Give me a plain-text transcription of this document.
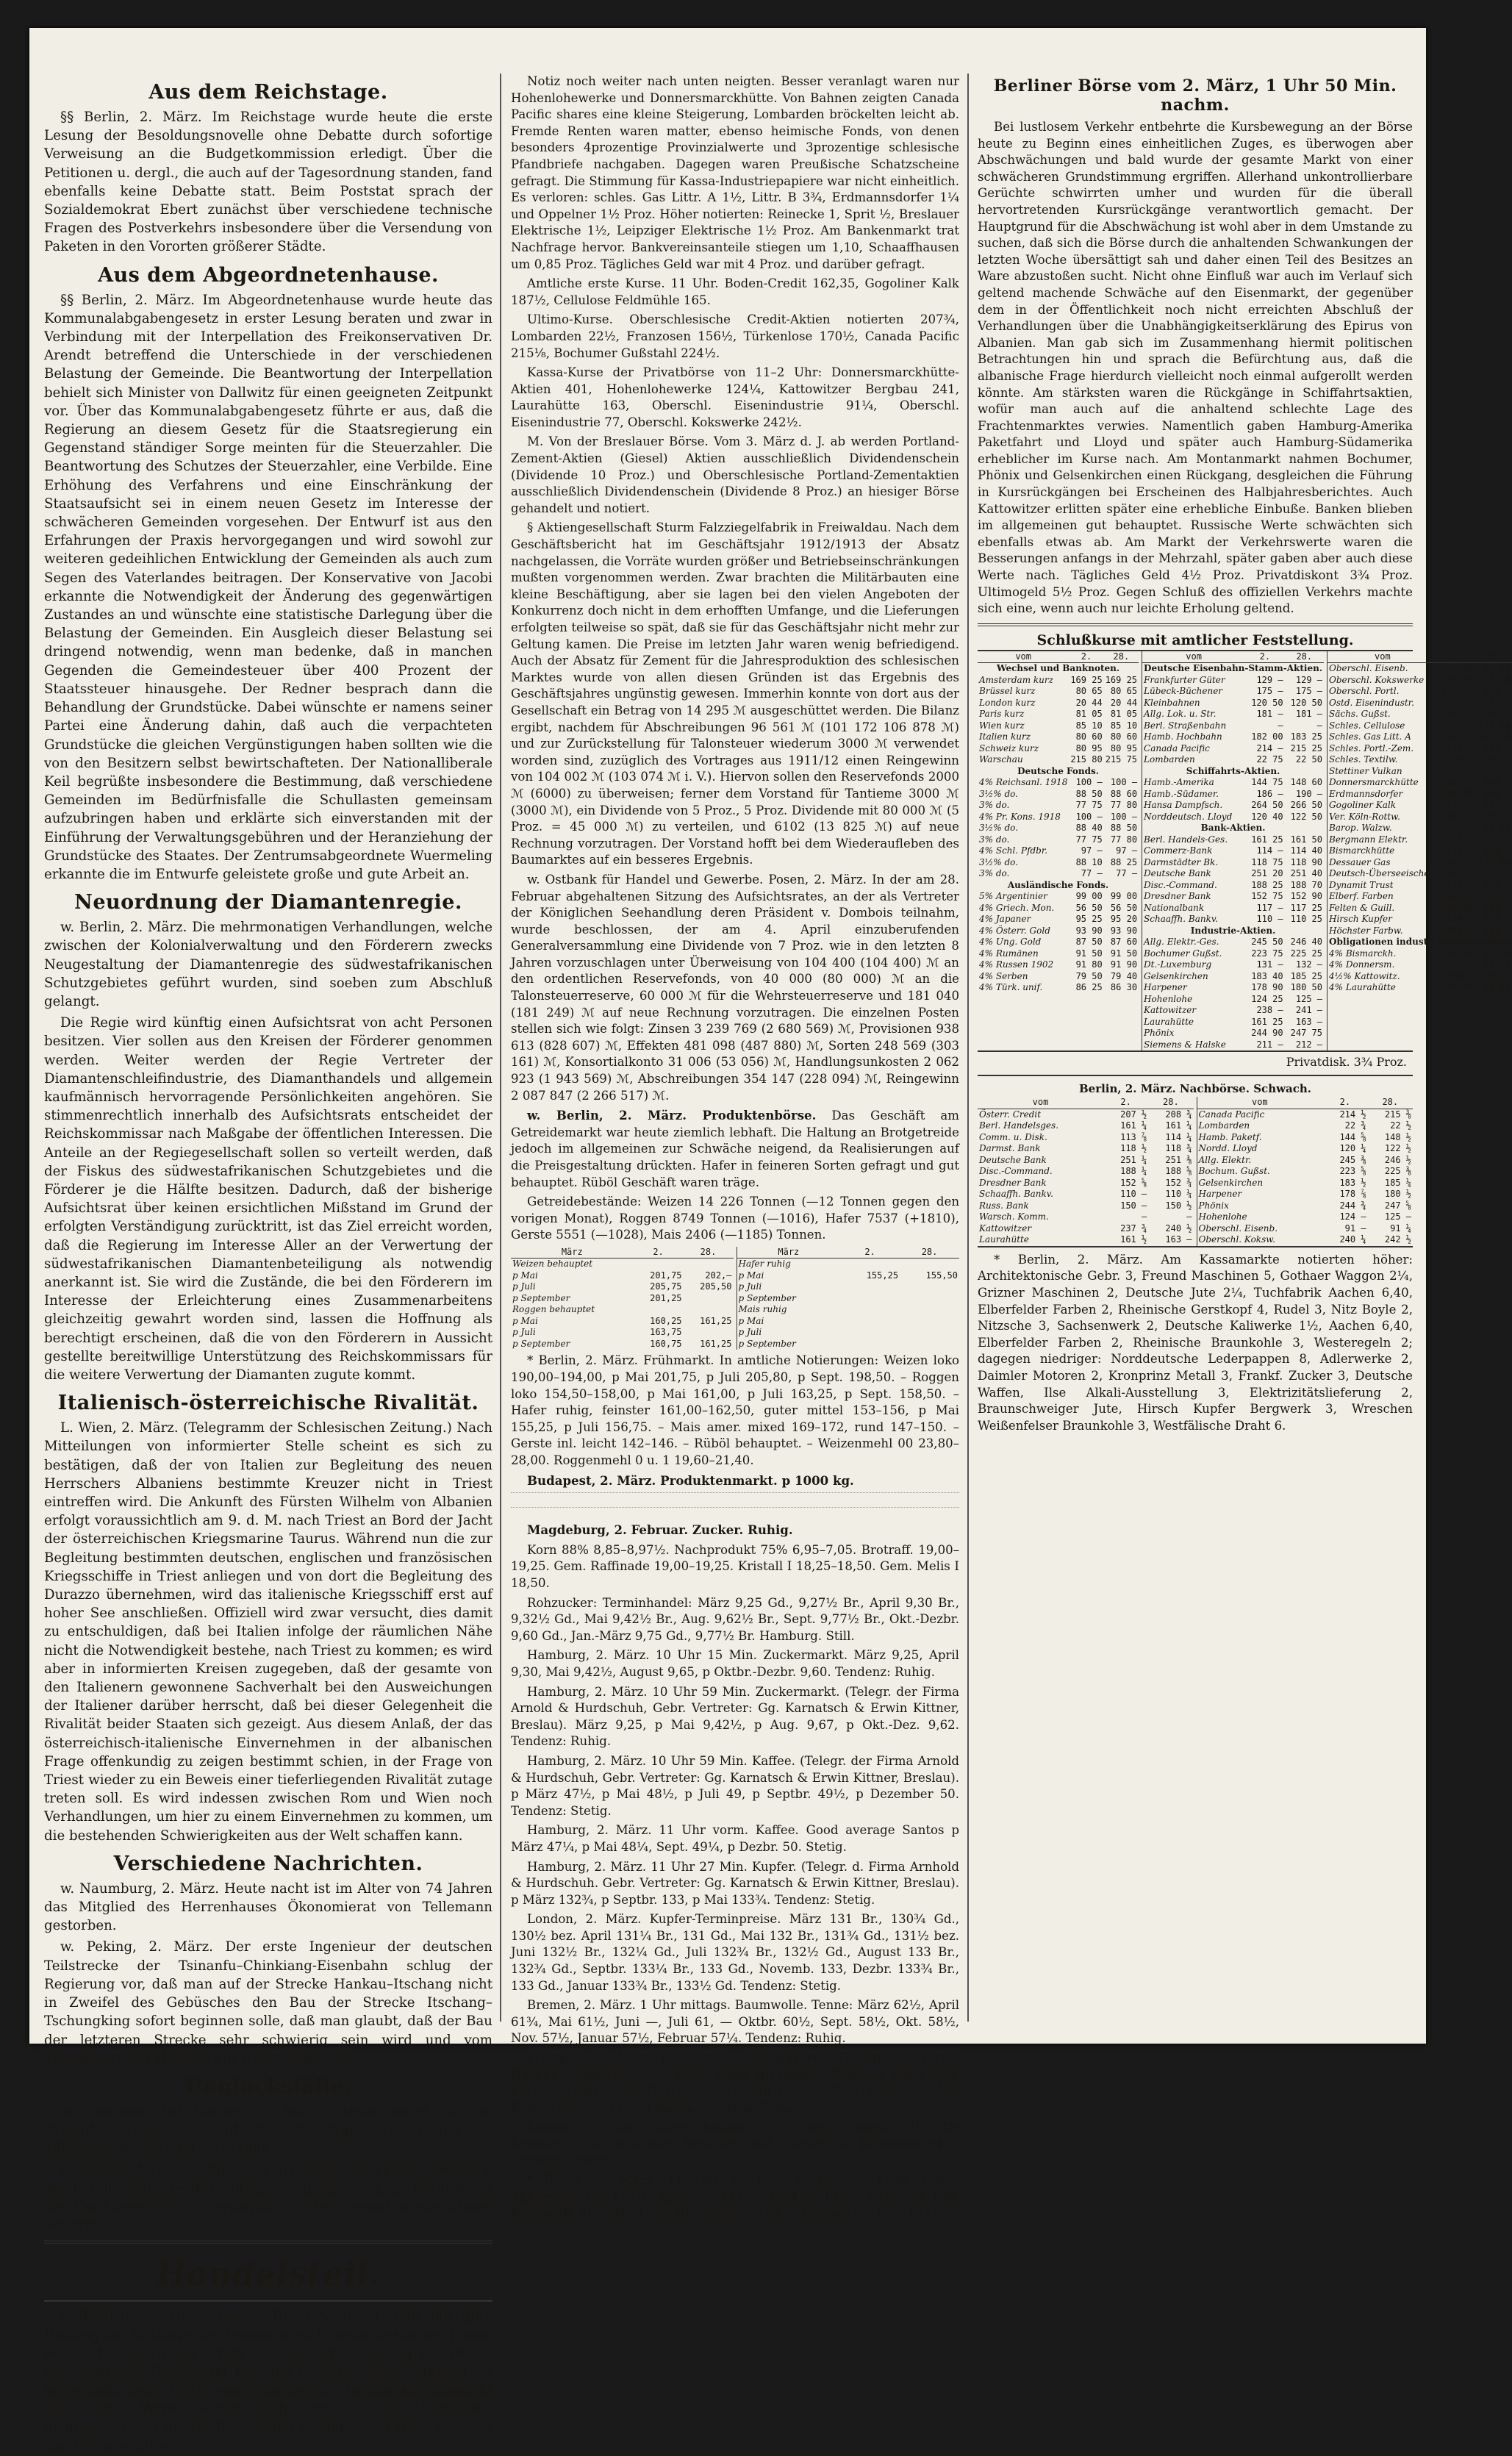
Aus dem Reichstage.

§§ Berlin, 2. März. Im Reichstage wurde heute die erste Lesung der Besoldungsnovelle ohne Debatte durch sofortige Verweisung an die Budgetkommission erledigt. Über die Petitionen u. dergl., die auch auf der Tagesordnung standen, fand ebenfalls keine Debatte statt. Beim Poststat sprach der Sozialdemokrat Ebert zunächst über verschiedene technische Fragen des Postverkehrs insbesondere über die Versendung von Paketen in den Vororten größerer Städte.

Aus dem Abgeordnetenhause.

§§ Berlin, 2. März. Im Abgeordnetenhause wurde heute das Kommunalabgabengesetz in erster Lesung beraten und zwar in Verbindung mit der Interpellation des Freikonservativen Dr. Arendt betreffend die Unterschiede in der verschiedenen Belastung der Gemeinde. Die Beantwortung der Interpellation behielt sich Minister von Dallwitz für einen geeigneten Zeitpunkt vor. Über das Kommunalabgabengesetz führte er aus, daß die Regierung an diesem Gesetz für die Staatsregierung ein Gegenstand ständiger Sorge meinten für die Steuerzahler. Die Beantwortung des Schutzes der Steuerzahler, eine Verbilde. Eine Erhöhung des Verfahrens und eine Einschränkung der Staatsaufsicht sei in einem neuen Gesetz im Interesse der schwächeren Gemeinden vorgesehen. Der Entwurf ist aus den Erfahrungen der Praxis hervorgegangen und wird sowohl zur weiteren gedeihlichen Entwicklung der Gemeinden als auch zum Segen des Vaterlandes beitragen. Der Konservative von Jacobi erkannte die Notwendigkeit der Änderung des gegenwärtigen Zustandes an und wünschte eine statistische Darlegung über die Belastung der Gemeinden. Ein Ausgleich dieser Belastung sei dringend notwendig, wenn man bedenke, daß in manchen Gegenden die Gemeindesteuer über 400 Prozent der Staatssteuer hinausgehe. Der Redner besprach dann die Behandlung der Grundstücke. Dabei wünschte er namens seiner Partei eine Änderung dahin, daß auch die verpachteten Grundstücke die gleichen Vergünstigungen haben sollten wie die von den Besitzern selbst bewirtschafteten. Der Nationalliberale Keil begrüßte insbesondere die Bestimmung, daß verschiedene Gemeinden im Bedürfnisfalle die Schullasten gemeinsam aufzubringen haben und erklärte sich einverstanden mit der Einführung der Verwaltungsgebühren und der Heranziehung der Grundstücke des Staates. Der Zentrumsabgeordnete Wuermeling erkannte die im Entwurfe geleistete große und gute Arbeit an.

Neuordnung der Diamantenregie.

w. Berlin, 2. März. Die mehrmonatigen Verhandlungen, welche zwischen der Kolonialverwaltung und den Förderern zwecks Neugestaltung der Diamantenregie des südwestafrikanischen Schutzgebietes geführt wurden, sind soeben zum Abschluß gelangt.

Die Regie wird künftig einen Aufsichtsrat von acht Personen besitzen. Vier sollen aus den Kreisen der Förderer genommen werden. Weiter werden der Regie Vertreter der Diamantenschleifindustrie, des Diamanthandels und allgemein kaufmännisch hervorragende Persönlichkeiten angehören. Sie stimmenrechtlich innerhalb des Aufsichtsrats entscheidet der Reichskommissar nach Maßgabe der öffentlichen Interessen. Die Anteile an der Regiegesellschaft sollen so verteilt werden, daß der Fiskus des südwestafrikanischen Schutzgebietes und die Förderer je die Hälfte besitzen. Dadurch, daß der bisherige Aufsichtsrat über keinen ersichtlichen Mißstand im Grund der erfolgten Verständigung zurücktritt, ist das Ziel erreicht worden, daß die Regierung im Interesse Aller an der Verwertung der südwestafrikanischen Diamantenbeteiligung als notwendig anerkannt ist. Sie wird die Zustände, die bei den Förderern im Interesse der Erleichterung eines Zusammenarbeitens gleichzeitig gewahrt worden sind, lassen die Hoffnung als berechtigt erscheinen, daß die von den Förderern in Aussicht gestellte bereitwillige Unterstützung des Reichskommissars für die weitere Verwertung der Diamanten zugute kommt.

Italienisch-österreichische Rivalität.

L. Wien, 2. März. (Telegramm der Schlesischen Zeitung.) Nach Mitteilungen von informierter Stelle scheint es sich zu bestätigen, daß der von Italien zur Begleitung des neuen Herrschers Albaniens bestimmte Kreuzer nicht in Triest eintreffen wird. Die Ankunft des Fürsten Wilhelm von Albanien erfolgt voraussichtlich am 9. d. M. nach Triest an Bord der Jacht der österreichischen Kriegsmarine Taurus. Während nun die zur Begleitung bestimmten deutschen, englischen und französischen Kriegsschiffe in Triest anliegen und von dort die Begleitung des Durazzo übernehmen, wird das italienische Kriegsschiff erst auf hoher See anschließen. Offiziell wird zwar versucht, dies damit zu entschuldigen, daß bei Italien infolge der räumlichen Nähe nicht die Notwendigkeit bestehe, nach Triest zu kommen; es wird aber in informierten Kreisen zugegeben, daß der gesamte von den Italienern gewonnene Sachverhalt bei den Ausweichungen der Italiener darüber herrscht, daß bei dieser Gelegenheit die Rivalität beider Staaten sich gezeigt. Aus diesem Anlaß, der das österreichisch-italienische Einvernehmen in der albanischen Frage offenkundig zu zeigen bestimmt schien, in der Frage von Triest wieder zu ein Beweis einer tieferliegenden Rivalität zutage treten soll. Es wird indessen zwischen Rom und Wien noch Verhandlungen, um hier zu einem Einvernehmen zu kommen, um die bestehenden Schwierigkeiten aus der Welt schaffen kann.

Verschiedene Nachrichten.

w. Naumburg, 2. März. Heute nacht ist im Alter von 74 Jahren das Mitglied des Herrenhauses Ökonomierat von Tellemann gestorben.

w. Peking, 2. März. Der erste Ingenieur der deutschen Teilstrecke der Tsinanfu–Chinkiang-Eisenbahn schlug der Regierung vor, daß man auf der Strecke Hankau–Itschang nicht in Zweifel des Gebüsches den Bau der Strecke Itschang–Tschungking sofort beginnen solle, daß man glaubt, daß der Bau der letzteren Strecke sehr schwierig sein wird und vom Standpunkt des Handels aus unerwünscht ist.

Unglücksfälle.

w. Heubude bei Danzig, 2. März. Heute nacht ist das Armenhaus niedergebrannt. Drei 80jährige Frauen und ein 10jähriger Knabe sind verbrannt.

w. Buenos Aires, 2. März. Der argentinische Flieger Newbery, der bereits mehrere Rekordflüge ausgeführt hat, ist bei Rosa in den Cordilleren tödlich verunglückt. Sein Fluggast wurde schwer verletzt.

Handelsteil.

* Breslau, 2. März. Börse. Die Erwartung, daß die gute Haltung am Schlusse der Vorwoche sich heute fortsetzen finden werde, hat sich nicht erfüllt. Die Abwärtsbewegung der Preise am belgischen Eisenmarkt hat eine Unterbrechung erfahren, es boten dafür heute Werte eine Erholung an. Die zum Montanmarkt gehörenden Werte waren auch unter diesen Umständen niedriger. Dieser größte Rückschlag erfolgte bei Kattowitzer, die um 3 Proz. erlitten.

Notiz noch weiter nach unten neigten. Besser veranlagt waren nur Hohenlohewerke und Donnersmarckhütte. Von Bahnen zeigten Canada Pacific shares eine kleine Steigerung, Lombarden bröckelten leicht ab. Fremde Renten waren matter, ebenso heimische Fonds, von denen besonders 4prozentige Provinzialwerte und 3prozentige schlesische Pfandbriefe nachgaben. Dagegen waren Preußische Schatzscheine gefragt. Die Stimmung für Kassa-Industriepapiere war nicht einheitlich. Es verloren: schles. Gas Littr. A 1½, Littr. B 3¾, Erdmannsdorfer 1¼ und Oppelner 1½ Proz. Höher notierten: Reinecke 1, Sprit ½, Breslauer Elektrische 1½, Leipziger Elektrische 1½ Proz. Am Bankenmarkt trat Nachfrage hervor. Bankvereinsanteile stiegen um 1,10, Schaaffhausen um 0,85 Proz. Tägliches Geld war mit 4 Proz. und darüber gefragt.

Amtliche erste Kurse. 11 Uhr. Boden-Credit 162,35, Gogoliner Kalk 187½, Cellulose Feldmühle 165.

Ultimo-Kurse. Oberschlesische Credit-Aktien notierten 207¾, Lombarden 22½, Franzosen 156½, Türkenlose 170½, Canada Pacific 215⅛, Bochumer Gußstahl 224½.

Kassa-Kurse der Privatbörse von 11–2 Uhr: Donnersmarckhütte-Aktien 401, Hohenlohewerke 124¼, Kattowitzer Bergbau 241, Laurahütte 163, Oberschl. Eisenindustrie 91¼, Oberschl. Eisenindustrie 77, Oberschl. Kokswerke 242½.

M. Von der Breslauer Börse. Vom 3. März d. J. ab werden Portland-Zement-Aktien (Giesel) Aktien ausschließlich Dividendenschein (Dividende 10 Proz.) und Oberschlesische Portland-Zementaktien ausschließlich Dividendenschein (Dividende 8 Proz.) an hiesiger Börse gehandelt und notiert.

§ Aktiengesellschaft Sturm Falzziegelfabrik in Freiwaldau. Nach dem Geschäftsbericht hat im Geschäftsjahr 1912/1913 der Absatz nachgelassen, die Vorräte wurden größer und Betriebseinschränkungen mußten vorgenommen werden. Zwar brachten die Militärbauten eine kleine Beschäftigung, aber sie lagen bei den vielen Angeboten der Konkurrenz doch nicht in dem erhofften Umfange, und die Lieferungen erfolgten teilweise so spät, daß sie für das Geschäftsjahr nicht mehr zur Geltung kamen. Die Preise im letzten Jahr waren wenig befriedigend. Auch der Absatz für Zement für die Jahresproduktion des schlesischen Marktes wurde von allen diesen Gründen ist das Ergebnis des Geschäftsjahres ungünstig gewesen. Immerhin konnte von dort aus der Gesellschaft ein Betrag von 14 295 ℳ ausgeschüttet werden. Die Bilanz ergibt, nachdem für Abschreibungen 96 561 ℳ (101 172 106 878 ℳ) und zur Zurückstellung für Talonsteuer wiederum 3000 ℳ verwendet worden sind, zuzüglich des Vortrages aus 1911/12 einen Reingewinn von 104 002 ℳ (103 074 ℳ i. V.). Hiervon sollen den Reservefonds 2000 ℳ (6000) zu überweisen; ferner dem Vorstand für Tantieme 3000 ℳ (3000 ℳ), ein Dividende von 5 Proz., 5 Proz. Dividende mit 80 000 ℳ (5 Proz. = 45 000 ℳ) zu verteilen, und 6102 (13 825 ℳ) auf neue Rechnung vorzutragen. Der Vorstand hofft bei dem Wiederaufleben des Baumarktes auf ein besseres Ergebnis.

w. Ostbank für Handel und Gewerbe. Posen, 2. März. In der am 28. Februar abgehaltenen Sitzung des Aufsichtsrates, an der als Vertreter der Königlichen Seehandlung deren Präsident v. Dombois teilnahm, wurde beschlossen, der am 4. April einzuberufenden Generalversammlung eine Dividende von 7 Proz. wie in den letzten 8 Jahren vorzuschlagen unter Überweisung von 104 400 (104 400) ℳ an den ordentlichen Reservefonds, von 40 000 (80 000) ℳ an die Talonsteuerreserve, 60 000 ℳ für die Wehrsteuerreserve und 181 040 (181 249) ℳ auf neue Rechnung vorzutragen. Die einzelnen Posten stellen sich wie folgt: Zinsen 3 239 769 (2 680 569) ℳ, Provisionen 938 613 (828 607) ℳ, Effekten 481 098 (487 880) ℳ, Sorten 248 569 (303 161) ℳ, Konsortialkonto 31 006 (53 056) ℳ, Handlungsunkosten 2 062 923 (1 943 569) ℳ, Abschreibungen 354 147 (228 094) ℳ, Reingewinn 2 087 847 (2 266 517) ℳ.

w. Berlin, 2. März. Produktenbörse. Das Geschäft am Getreidemarkt war heute ziemlich lebhaft. Die Haltung an Brotgetreide jedoch im allgemeinen zur Schwäche neigend, da Realisierungen auf die Preisgestaltung drückten. Hafer in feineren Sorten gefragt und gut behauptet. Rüböl Geschäft waren träge.

Getreidebestände: Weizen 14 226 Tonnen (—12 Tonnen gegen den vorigen Monat), Roggen 8749 Tonnen (—1016), Hafer 7537 (+1810), Gerste 5551 (—1028), Mais 2406 (—1185) Tonnen.

März	2.	28.
Weizen behauptet		
p Mai	201,75	202,—
p Juli	205,75	205,50
p September	201,25	
Roggen behauptet		
p Mai	160,25	161,25
p Juli	163,75	
p September	160,75	161,25
März	2.	28.
Hafer ruhig		
p Mai	155,25	155,50
p Juli		
p September		
Mais ruhig		
p Mai		
p Juli		
p September		

* Berlin, 2. März. Frühmarkt. In amtliche Notierungen: Weizen loko 190,00–194,00, p Mai 201,75, p Juli 205,80, p Sept. 198,50. – Roggen loko 154,50–158,00, p Mai 161,00, p Juli 163,25, p Sept. 158,50. – Hafer ruhig, feinster 161,00–162,50, guter mittel 153–156, p Mai 155,25, p Juli 156,75. – Mais amer. mixed 169–172, rund 147–150. – Gerste inl. leicht 142–146. – Rüböl behauptet. – Weizenmehl 00 23,80–28,00. Roggenmehl 0 u. 1 19,60–21,40.

Budapest, 2. März. Produktenmarkt. p 1000 kg.

Magdeburg, 2. Februar. Zucker. Ruhig.

Korn 88% 8,85–8,97½. Nachprodukt 75% 6,95–7,05. Brotraff. 19,00–19,25. Gem. Raffinade 19,00–19,25. Kristall I 18,25–18,50. Gem. Melis I 18,50.

Rohzucker: Terminhandel: März 9,25 Gd., 9,27½ Br., April 9,30 Br., 9,32½ Gd., Mai 9,42½ Br., Aug. 9,62½ Br., Sept. 9,77½ Br., Okt.-Dezbr. 9,60 Gd., Jan.-März 9,75 Gd., 9,77½ Br. Hamburg. Still.

Hamburg, 2. März. 10 Uhr 15 Min. Zuckermarkt. März 9,25, April 9,30, Mai 9,42½, August 9,65, p Oktbr.-Dezbr. 9,60. Tendenz: Ruhig.

Hamburg, 2. März. 10 Uhr 59 Min. Zuckermarkt. (Telegr. der Firma Arnold & Hurdschuh, Gebr. Vertreter: Gg. Karnatsch & Erwin Kittner, Breslau). März 9,25, p Mai 9,42½, p Aug. 9,67, p Okt.-Dez. 9,62. Tendenz: Ruhig.

Hamburg, 2. März. 10 Uhr 59 Min. Kaffee. (Telegr. der Firma Arnold & Hurdschuh, Gebr. Vertreter: Gg. Karnatsch & Erwin Kittner, Breslau). p März 47½, p Mai 48½, p Juli 49, p Septbr. 49½, p Dezember 50. Tendenz: Stetig.

Hamburg, 2. März. 11 Uhr vorm. Kaffee. Good average Santos p März 47¼, p Mai 48¼, Sept. 49¼, p Dezbr. 50. Stetig.

Hamburg, 2. März. 11 Uhr 27 Min. Kupfer. (Telegr. d. Firma Arnhold & Hurdschuh. Gebr. Vertreter: Gg. Karnatsch & Erwin Kittner, Breslau). p März 132¾, p Septbr. 133, p Mai 133¾. Tendenz: Stetig.

London, 2. März. Kupfer-Terminpreise. März 131 Br., 130¾ Gd., 130½ bez. April 131¼ Br., 131 Gd., Mai 132 Br., 131¾ Gd., 131½ bez. Juni 132½ Br., 132¼ Gd., Juli 132¾ Br., 132½ Gd., August 133 Br., 132¾ Gd., Septbr. 133¼ Br., 133 Gd., Novemb. 133, Dezbr. 133¾ Br., 133 Gd., Januar 133¾ Br., 133½ Gd. Tendenz: Stetig.

Bremen, 2. März. 1 Uhr mittags. Baumwolle. Tenne: März 62½, April 61¾, Mai 61½, Juni —, Juli 61, — Oktbr. 60½, Sept. 58½, Okt. 58½, Nov. 57½, Januar 57½, Februar 57¼. Tendenz: Ruhig.

Liverpool, 2. März. Baumwolle. Anfangskurse. (Telegr. der Firma Hornby, Hemelryk & Co. durch Gebr. Riesenfeld, Breslau). März-April 6,64, Juli-Aug. 6,59, Okt.-Nov. 6,31, Jan.-Febr. 6,27. Umsatz: 10 000 Ballen, Import: 18 000 Ballen. Tendenz: Ruhig.

London, 2. März. Börse. Anfang. 2½% Engl. Konsols 75½, 4% Japaner 93, 4½% Russen 88⅜, 4% unif. Türken 86, Baltimore 94⅛. Tendenz: Stetig.

* Berlin, 2. März. 11 Uhr 30 Min. Elektrische Licht 138½, Akkumulatoren 133¾, Anatolier 111, Schuckert 140¾, Chinesen 138, Bergwerk, 4½% Deutsche Reichsanleihe 98½, Japaner 95, Paul 133½.

Berliner Börse vom 2. März, 1 Uhr 50 Min. nachm.

Bei lustlosem Verkehr entbehrte die Kursbewegung an der Börse heute zu Beginn eines einheitlichen Zuges, es überwogen aber Abschwächungen und bald wurde der gesamte Markt von einer schwächeren Grundstimmung ergriffen. Allerhand unkontrollierbare Gerüchte schwirrten umher und wurden für die überall hervortretenden Kursrückgänge verantwortlich gemacht. Der Hauptgrund für die Abschwächung ist wohl aber in dem Umstande zu suchen, daß sich die Börse durch die anhaltenden Schwankungen der letzten Woche übersättigt sah und daher einen Teil des Besitzes an Ware abzustoßen sucht. Nicht ohne Einfluß war auch im Verlauf sich geltend machende Schwäche auf den Eisenmarkt, der gegenüber dem in der Öffentlichkeit noch nicht erreichten Abschluß der Verhandlungen über die Unabhängigkeitserklärung des Epirus von Albanien. Man gab sich im Zusammenhang hiermit politischen Betrachtungen hin und sprach die Befürchtung aus, daß die albanische Frage hierdurch vielleicht noch einmal aufgerollt werden könnte. Am stärksten waren die Rückgänge in Schiffahrtsaktien, wofür man auch auf die anhaltend schlechte Lage des Frachtenmarktes verwies. Namentlich gaben Hamburg-Amerika Paketfahrt und Lloyd und später auch Hamburg-Südamerika erheblicher im Kurse nach. Am Montanmarkt nahmen Bochumer, Phönix und Gelsenkirchen einen Rückgang, desgleichen die Führung in Kursrückgängen bei Erscheinen des Halbjahresberichtes. Auch Kattowitzer erlitten später eine erhebliche Einbuße. Banken blieben im allgemeinen gut behauptet. Russische Werte schwächten sich ebenfalls etwas ab. Am Markt der Verkehrswerte waren die Besserungen anfangs in der Mehrzahl, später gaben aber auch diese Werte nach. Tägliches Geld 4½ Proz. Privatdiskont 3¾ Proz. Ultimogeld 5½ Proz. Gegen Schluß des offiziellen Verkehrs machte sich eine, wenn auch nur leichte Erholung geltend.

Schlußkurse mit amtlicher Feststellung.
vom	2.	28.
Wechsel und Banknoten.		
Amsterdam kurz	169 25	169 25
Brüssel kurz	80 65	80 65
London kurz	20 44	20 44
Paris kurz	81 05	81 05
Wien kurz	85 10	85 10
Italien kurz	80 60	80 60
Schweiz kurz	80 95	80 95
Warschau	215 80	215 75
Deutsche Fonds.		
4% Reichsanl. 1918	100 —	100 —
3½% do.	88 50	88 60
3% do.	77 75	77 80
4% Pr. Kons. 1918	100 —	100 —
3½% do.	88 40	88 50
3% do.	77 75	77 80
4% Schl. Pfdbr.	97 —	97 —
3½% do.	88 10	88 25
3% do.	77 —	77 —
Ausländische Fonds.		
5% Argentinier	99 00	99 00
4% Griech. Mon.	56 50	56 50
4% Japaner	95 25	95 20
4% Österr. Gold	93 90	93 90
4% Ung. Gold	87 50	87 60
4% Rumänen	91 50	91 50
4% Russen 1902	91 80	91 90
4% Serben	79 50	79 40
4% Türk. unif.	86 25	86 30
vom	2.	28.
Deutsche Eisenbahn-Stamm-Aktien.		
Frankfurter Güter	129 —	129 —
Lübeck-Büchener	175 —	175 —
Kleinbahnen	120 50	120 50
Allg. Lok. u. Str.	181 —	181 —
Berl. Straßenbahn	—	—
Hamb. Hochbahn	182 00	183 25
Canada Pacific	214 —	215 25
Lombarden	22 75	22 50
Schiffahrts-Aktien.		
Hamb.-Amerika	144 75	148 60
Hamb.-Südamer.	186 —	190 —
Hansa Dampfsch.	264 50	266 50
Norddeutsch. Lloyd	120 40	122 50
Bank-Aktien.		
Berl. Handels-Ges.	161 25	161 50
Commerz-Bank	114 —	114 40
Darmstädter Bk.	118 75	118 90
Deutsche Bank	251 20	251 40
Disc.-Command.	188 25	188 70
Dresdner Bank	152 75	152 90
Nationalbank	117 —	117 25
Schaaffh. Bankv.	110 —	110 25
Industrie-Aktien.		
Allg. Elektr.-Ges.	245 50	246 40
Bochumer Gußst.	223 75	225 25
Dt.-Luxemburg	131 —	132 —
Gelsenkirchen	183 40	185 25
Harpener	178 90	180 50
Hohenlohe	124 25	125 —
Kattowitzer	238 —	241 —
Laurahütte	161 25	163 —
Phönix	244 90	247 75
Siemens & Halske	211 —	212 —
vom	2.	28.
Oberschl. Eisenb.	91 00	91 25
Oberschl. Kokswerke	240 50	242 50
Oberschl. Portl.	117 50	118 —
Ostd. Eisenindustr.	77 —	77 —
Sächs. Gußst.	185 —	185 —
Schles. Cellulose	158 25	158 50
Schles. Gas Litt. A	164 —	165 50
Schles. Portl.-Zem.	145 —	146 —
Schles. Textilw.	96 —	96 —
Stettiner Vulkan	—	—
Donnersmarckhütte	401 —	400 —
Erdmannsdorfer	138 50	140 —
Gogoliner Kalk	187 25	187 —
Ver. Köln-Rottw.	291 —	292 —
Barop. Walzw.	75 50	75 50
Bergmann Elektr.	118 —	119 —
Bismarckhütte	178 —	180 —
Dessauer Gas	186 75	186 90
Deutsch-Überseeische	192 —	192 —
Dynamit Trust	176 —	176 —
Elberf. Farben	523 —	525 —
Felten & Guill.	133 50	134 —
Hirsch Kupfer	130 —	130 —
Höchster Farbw.	540 —	541 —
Obligationen industr. Gesellschaften		
4% Bismarckh.	93 50	93 50
4% Donnersm.	93 75	93 75
4½% Kattowitz.	100 —	100 —
4% Laurahütte	94 40	94 40
Privatdisk. 3¾ Proz.
Berlin, 2. März. Nachbörse. Schwach.
vom	2.	28.
Österr. Credit	207 ½	208 ¾
Berl. Handelsges.	161 ¼	161 ¼
Comm. u. Disk.	113 ⅞	114 ¼
Darmst. Bank	118 ½	118 ¾
Deutsche Bank	251 ¼	251 ⅜
Disc.-Command.	188 ¼	188 ⅝
Dresdner Bank	152 ⅝	152 ¾
Schaaffh. Bankv.	110 —	110 ¼
Russ. Bank	150 —	150 ½
Warsch. Komm.	—	—
Kattowitzer	237 ¾	240 ½
Laurahütte	161 ½	163 —
vom	2.	28.
Canada Pacific	214 ½	215 ⅜
Lombarden	22 ¾	22 ½
Hamb. Paketf.	144 ⅝	148 ½
Nordd. Lloyd	120 ¼	122 ½
Allg. Elektr.	245 ⅜	246 ½
Bochum. Gußst.	223 ⅝	225 ⅜
Gelsenkirchen	183 ½	185 ¼
Harpener	178 ⅞	180 ½
Phönix	244 ¾	247 ⅝
Hohenlohe	124 —	125 —
Oberschl. Eisenb.	91 —	91 ¼
Oberschl. Koksw.	240 ¼	242 ½

* Berlin, 2. März. Am Kassamarkte notierten höher: Architektonische Gebr. 3, Freund Maschinen 5, Gothaer Waggon 2¼, Grizner Maschinen 2, Deutsche Jute 2¼, Tuchfabrik Aachen 6,40, Elberfelder Farben 2, Rheinische Gerstkopf 4, Rudel 3, Nitz Boyle 2, Nitzsche 3, Sachsenwerk 2, Deutsche Kaliwerke 1½, Aachen 6,40, Elberfelder Farben 2, Rheinische Braunkohle 3, Westeregeln 2; dagegen niedriger: Norddeutsche Lederpappen 8, Adlerwerke 2, Daimler Motoren 2, Kronprinz Metall 3, Frankf. Zucker 3, Deutsche Waffen, Ilse Alkali-Ausstellung 3, Elektrizitätslieferung 2, Braunschweiger Jute, Hirsch Kupfer Bergwerk 3, Wreschen Weißenfelser Braunkohle 3, Westfälische Draht 6.
